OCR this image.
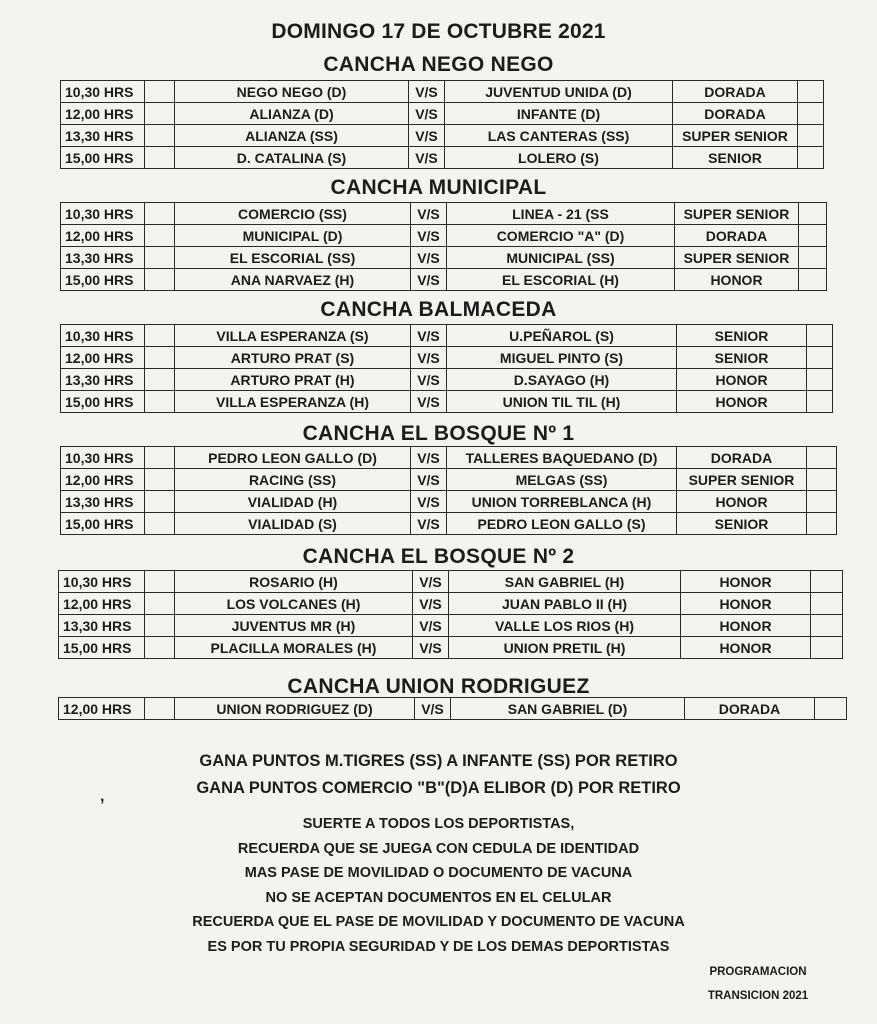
DOMINGO 17 DE OCTUBRE 2021
CANCHA NEGO NEGO
10,30 HRS		NEGO NEGO (D)	V/S	JUVENTUD UNIDA (D)	DORADA	
12,00 HRS		ALIANZA (D)	V/S	INFANTE (D)	DORADA	
13,30 HRS		ALIANZA (SS)	V/S	LAS CANTERAS (SS)	SUPER SENIOR	
15,00 HRS		D. CATALINA (S)	V/S	LOLERO (S)	SENIOR	
CANCHA MUNICIPAL
10,30 HRS		COMERCIO (SS)	V/S	LINEA - 21 (SS	SUPER SENIOR	
12,00 HRS		MUNICIPAL (D)	V/S	COMERCIO "A" (D)	DORADA	
13,30 HRS		EL ESCORIAL (SS)	V/S	MUNICIPAL (SS)	SUPER SENIOR	
15,00 HRS		ANA NARVAEZ (H)	V/S	EL ESCORIAL (H)	HONOR	
CANCHA BALMACEDA
10,30 HRS		VILLA ESPERANZA (S)	V/S	U.PEÑAROL (S)	SENIOR	
12,00 HRS		ARTURO PRAT (S)	V/S	MIGUEL PINTO (S)	SENIOR	
13,30 HRS		ARTURO PRAT (H)	V/S	D.SAYAGO (H)	HONOR	
15,00 HRS		VILLA ESPERANZA (H)	V/S	UNION TIL TIL (H)	HONOR	
CANCHA EL BOSQUE Nº 1
10,30 HRS		PEDRO LEON GALLO (D)	V/S	TALLERES BAQUEDANO (D)	DORADA	
12,00 HRS		RACING (SS)	V/S	MELGAS (SS)	SUPER SENIOR	
13,30 HRS		VIALIDAD (H)	V/S	UNION TORREBLANCA (H)	HONOR	
15,00 HRS		VIALIDAD (S)	V/S	PEDRO LEON GALLO (S)	SENIOR	
CANCHA EL BOSQUE Nº 2
10,30 HRS		ROSARIO (H)	V/S	SAN GABRIEL (H)	HONOR	
12,00 HRS		LOS VOLCANES (H)	V/S	JUAN PABLO II (H)	HONOR	
13,30 HRS		JUVENTUS MR (H)	V/S	VALLE LOS RIOS (H)	HONOR	
15,00 HRS		PLACILLA MORALES (H)	V/S	UNION PRETIL (H)	HONOR	
CANCHA UNION RODRIGUEZ
12,00 HRS		UNION RODRIGUEZ (D)	V/S	SAN GABRIEL (D)	DORADA	
GANA PUNTOS M.TIGRES (SS) A INFANTE (SS) POR RETIRO
GANA PUNTOS COMERCIO "B"(D)A ELIBOR (D) POR RETIRO
,
SUERTE A TODOS LOS DEPORTISTAS,
RECUERDA QUE SE JUEGA CON CEDULA DE IDENTIDAD
MAS PASE DE MOVILIDAD O DOCUMENTO DE VACUNA
NO SE ACEPTAN DOCUMENTOS EN EL CELULAR
RECUERDA QUE EL PASE DE MOVILIDAD Y DOCUMENTO DE VACUNA
ES POR TU PROPIA SEGURIDAD Y DE LOS DEMAS DEPORTISTAS
PROGRAMACION
TRANSICION 2021
